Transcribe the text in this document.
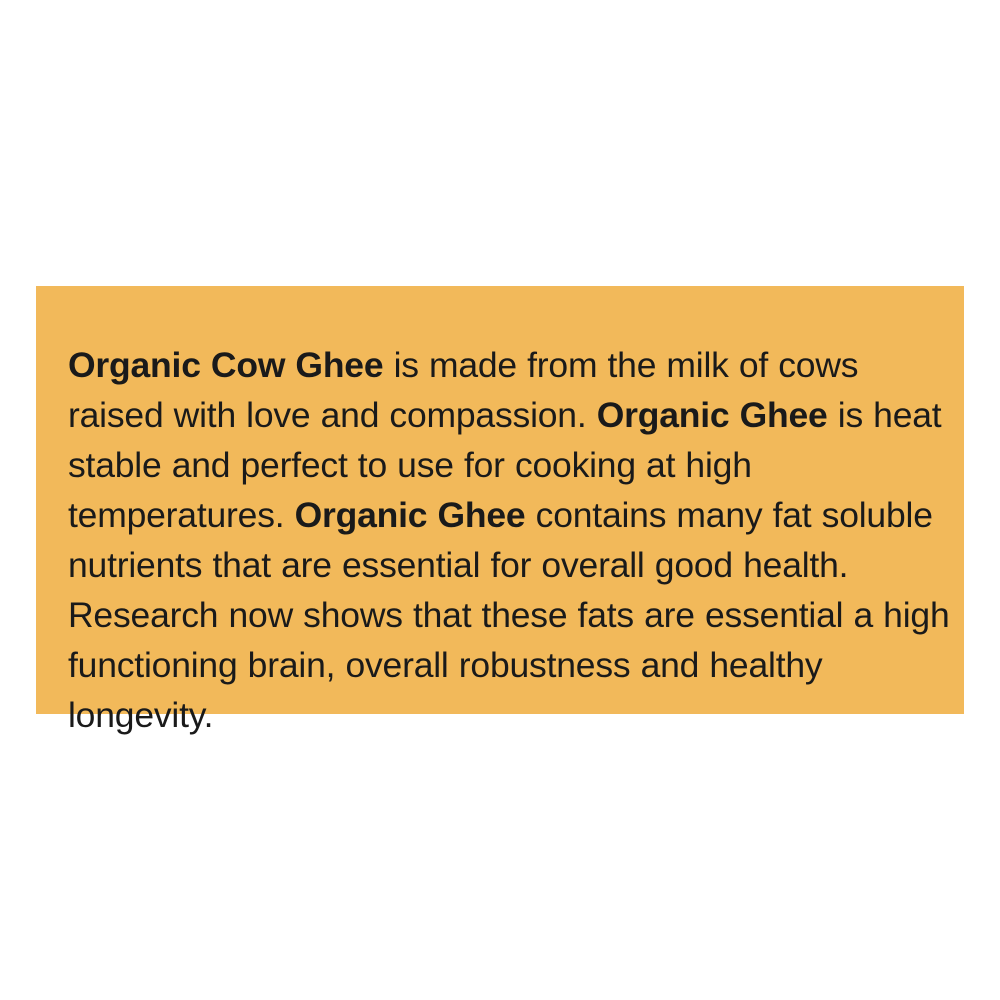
Organic Cow Ghee is made from the milk of cows raised with love and compassion. Organic Ghee is heat stable and perfect to use for cooking at high temperatures. Organic Ghee contains many fat soluble nutrients that are essential for overall good health. Research now shows that these fats are essential a high functioning brain, overall robustness and healthy longevity.
